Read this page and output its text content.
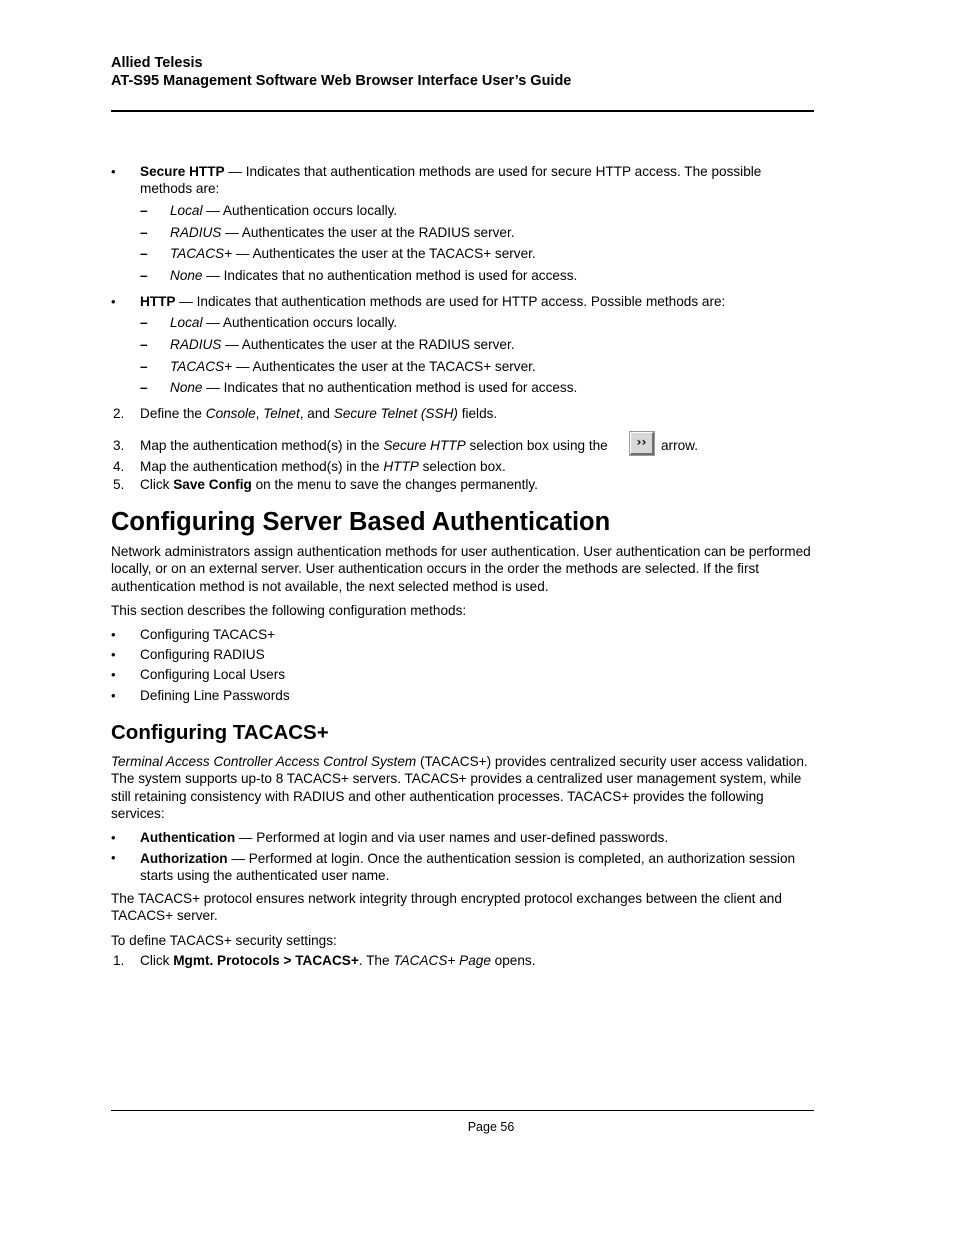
Allied Telesis
AT-S95 Management Software Web Browser Interface User’s Guide
• Secure HTTP — Indicates that authentication methods are used for secure HTTP access. The possible
methods are:
– Local — Authentication occurs locally.
– RADIUS — Authenticates the user at the RADIUS server.
– TACACS+ — Authenticates the user at the TACACS+ server.
– None — Indicates that no authentication method is used for access.
• HTTP — Indicates that authentication methods are used for HTTP access. Possible methods are:
– Local — Authentication occurs locally.
– RADIUS — Authenticates the user at the RADIUS server.
– TACACS+ — Authenticates the user at the TACACS+ server.
– None — Indicates that no authentication method is used for access.
2. Define the Console, Telnet, and Secure Telnet (SSH) fields.
3. Map the authentication method(s) in the Secure HTTP selection box using the	››	arrow.
4. Map the authentication method(s) in the HTTP selection box.
5. Click Save Config on the menu to save the changes permanently.
Configuring Server Based Authentication
Network administrators assign authentication methods for user authentication. User authentication can be performed locally, or on an external server. User authentication occurs in the order the methods are selected. If the first authentication method is not available, the next selected method is used.
This section describes the following configuration methods:
• Configuring TACACS+
• Configuring RADIUS
• Configuring Local Users
• Defining Line Passwords
Configuring TACACS+
Terminal Access Controller Access Control System (TACACS+) provides centralized security user access validation. The system supports up-to 8 TACACS+ servers. TACACS+ provides a centralized user management system, while still retaining consistency with RADIUS and other authentication processes. TACACS+ provides the following services:
• Authentication — Performed at login and via user names and user-defined passwords.
• Authorization — Performed at login. Once the authentication session is completed, an authorization session starts using the authenticated user name.
The TACACS+ protocol ensures network integrity through encrypted protocol exchanges between the client and TACACS+ server.
To define TACACS+ security settings:
1. Click Mgmt. Protocols > TACACS+. The TACACS+ Page opens.
Page 56
